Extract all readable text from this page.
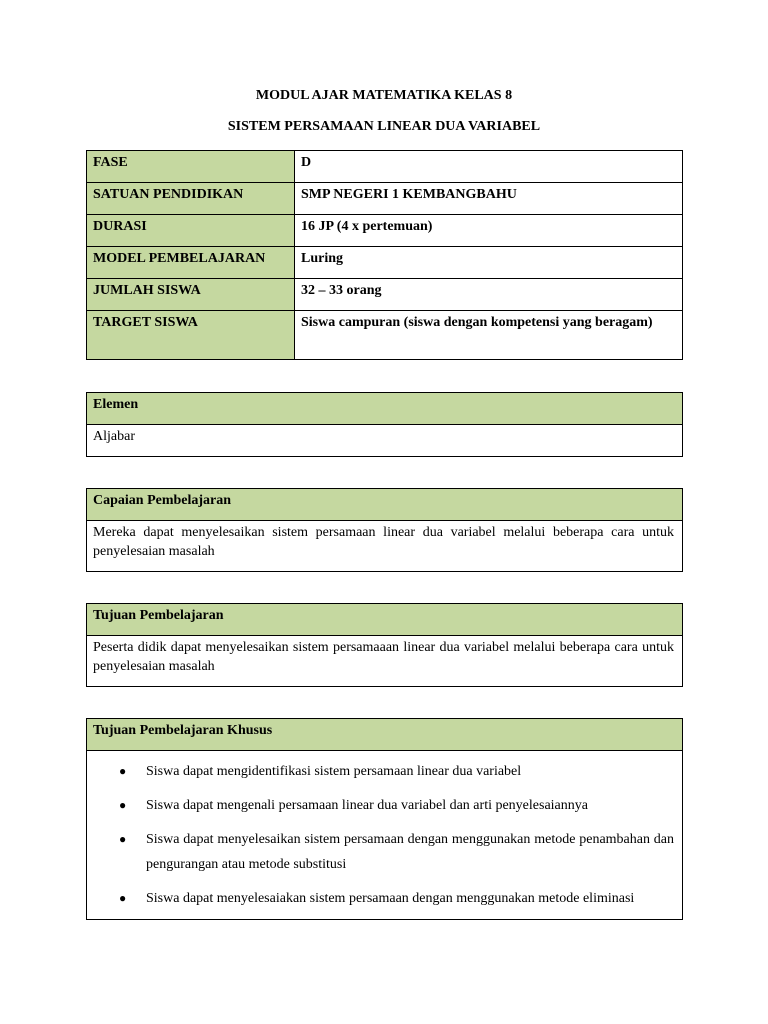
MODUL AJAR MATEMATIKA KELAS 8
SISTEM PERSAMAAN LINEAR DUA VARIABEL
FASE	D
SATUAN PENDIDIKAN	SMP NEGERI 1 KEMBANGBAHU
DURASI	16 JP (4 x pertemuan)
MODEL PEMBELAJARAN	Luring
JUMLAH SISWA	32 – 33 orang
TARGET SISWA	Siswa campuran (siswa dengan kompetensi yang beragam)
Elemen
Aljabar
Capaian Pembelajaran
Mereka dapat menyelesaikan sistem persamaan linear dua variabel melalui beberapa cara untuk penyelesaian masalah
Tujuan Pembelajaran
Peserta didik dapat menyelesaikan sistem persamaaan linear dua variabel melalui beberapa cara untuk penyelesaian masalah
Tujuan Pembelajaran Khusus

● Siswa dapat mengidentifikasi sistem persamaan linear dua variabel
● Siswa dapat mengenali persamaan linear dua variabel dan arti penyelesaiannya
● Siswa dapat menyelesaikan sistem persamaan dengan menggunakan metode penambahan dan pengurangan atau metode substitusi
● Siswa dapat menyelesaiakan sistem persamaan dengan menggunakan metode eliminasi
